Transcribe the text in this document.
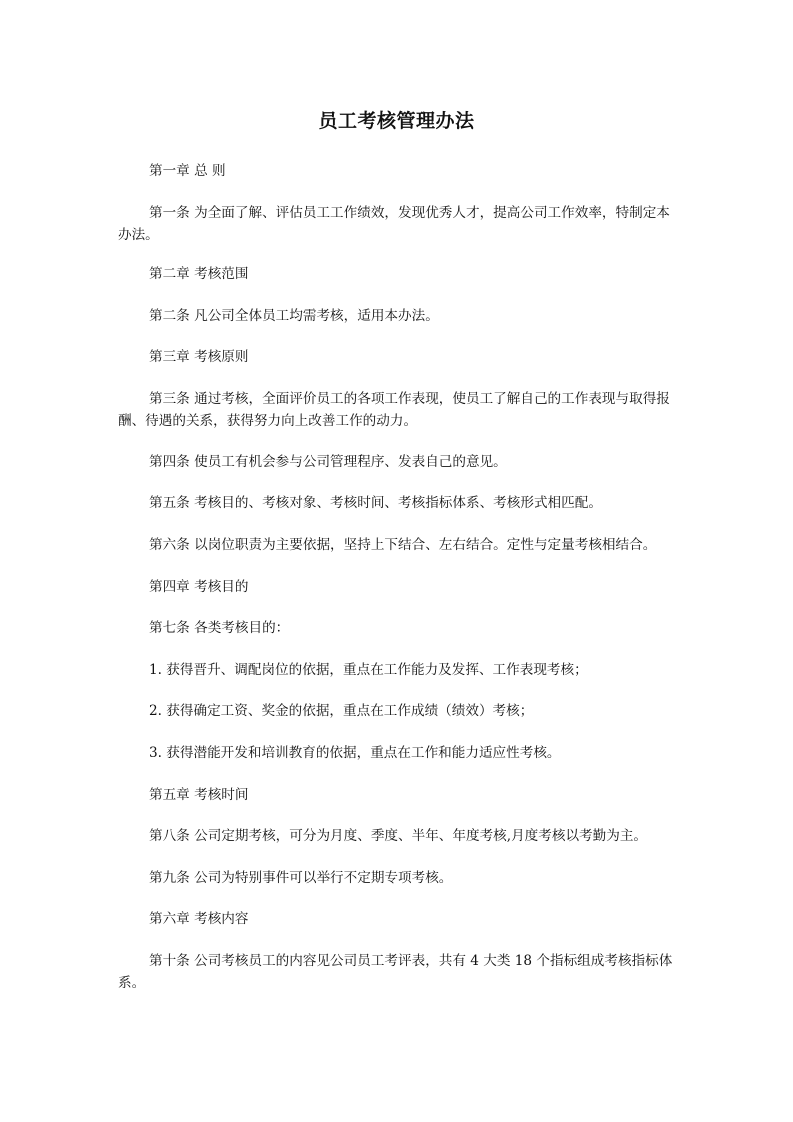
员工考核管理办法

第一章 总 则

第一条 为全面了解、评估员工工作绩效，发现优秀人才，提高公司工作效率，特制定本办法。

第二章 考核范围

第二条 凡公司全体员工均需考核，适用本办法。

第三章 考核原则

第三条 通过考核，全面评价员工的各项工作表现，使员工了解自己的工作表现与取得报酬、待遇的关系，获得努力向上改善工作的动力。

第四条 使员工有机会参与公司管理程序、发表自己的意见。

第五条 考核目的、考核对象、考核时间、考核指标体系、考核形式相匹配。

第六条 以岗位职责为主要依据，坚持上下结合、左右结合。定性与定量考核相结合。

第四章 考核目的

第七条 各类考核目的：

1. 获得晋升、调配岗位的依据，重点在工作能力及发挥、工作表现考核；

2. 获得确定工资、奖金的依据，重点在工作成绩（绩效）考核；

3. 获得潜能开发和培训教育的依据，重点在工作和能力适应性考核。

第五章 考核时间

第八条 公司定期考核，可分为月度、季度、半年、年度考核,月度考核以考勤为主。

第九条 公司为特别事件可以举行不定期专项考核。

第六章 考核内容

第十条 公司考核员工的内容见公司员工考评表，共有 4 大类 18 个指标组成考核指标体系。
